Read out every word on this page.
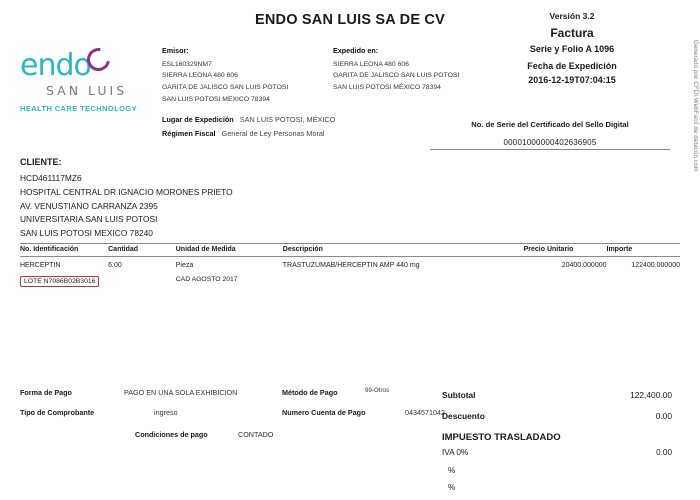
ENDO SAN LUIS SA DE CV	Versión 3.2
Factura
Serie y Folio A 1096
Fecha de Expedición
2016-12-19T07:04:15
endo
SAN LUIS
HEALTH CARE TECHNOLOGY
Emisor:
ESL160329NM7
SIERRA LEONA 480 606
GARITA DE JALISCO SAN LUIS POTOSI
SAN LUIS POTOSI MEXICO 78394
Expedido en:
SIERRA LEONA 480 606
GARITA DE JALISCO SAN LUIS POTOSI
SAN LUIS POTOSI MÉXICO 78394
Lugar de Expedición SAN LUIS POTOSI, MÉXICO
Régimen Fiscal General de Ley Personas Moral
No. de Serie del Certificado del Sello Digital
00001000000402636905
CLIENTE:
HCD461117MZ6
HOSPITAL CENTRAL DR IGNACIO MORONES PRIETO
AV. VENUSTIANO CARRANZA 2395
UNIVERSITARIA SAN LUIS POTOSI
SAN LUIS POTOSI MEXICO 78240
No. Identificación	Cantidad	Unidad de Medida	Descripción	Precio Unitario	Importe
HERCEPTIN	6.00	Pieza	TRASTUZUMAB/HERCEPTIN AMP 440 mg	20400.000000	122400.000000
LOTE N7086B02B3016		CAD AGOSTO 2017			
Forma de Pago	PAGO EN UNA SOLA EXHIBICION	Método de Pago	99-Otros
Tipo de Comprobante	ingreso	Numero Cuenta de Pago	0434571042
Condiciones de pago	CONTADO
Subtotal	122,400.00
Descuento	0.00
IMPUESTO TRASLADADO
IVA 0%	0.00
%
%
Generado por CFDI WebFacil de detacon.com
